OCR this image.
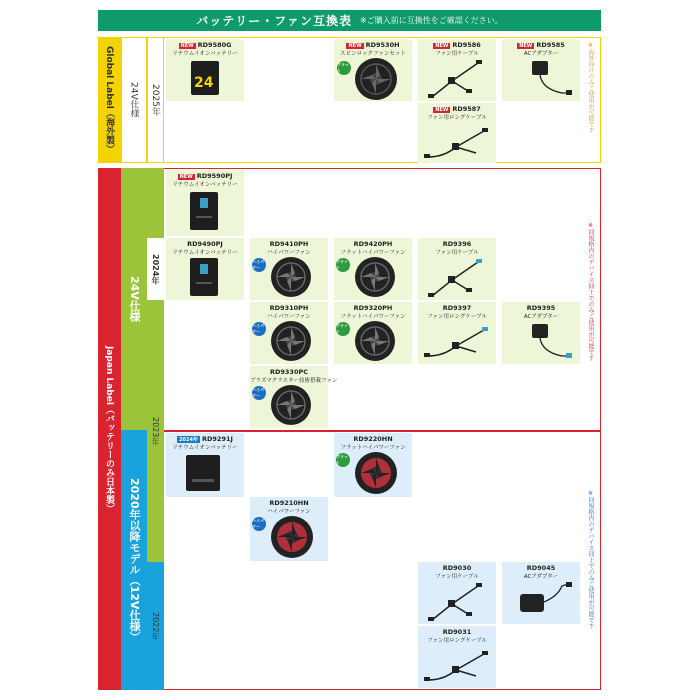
バッテリー・ファン互換表 ※ご購入前に互換性をご確認ください。
Global Label（海外製）	24V仕様	2025年
Japan Label（バッテリーのみ日本製）
24V仕様
2020年以降モデル（12V仕様）
2024年
2023年
2022年
※海外向けのみご使用が可能です
※同規格内のデバイス同士でのみご使用が可能です
※同規格内のデバイス同士でのみご使用が可能です
NEW RD9580G
リチウムイオンバッテリー
24
NEW RD9530H
スピンロックファンセット
フラット
NEW RD9586
ファン用ケーブル
NEW RD9585
ACアダプター
NEW RD9587
ファン用ロングケーブル
NEW RD9590PJ
リチウムイオンバッテリー
RD9490PJ
リチウムイオンバッテリー
RD9410PH
ハイパワーファン
ハイパワー
RD9420PH
フラットハイパワーファン
フラット
RD9396
ファン用ケーブル
RD9310PH
ハイパワーファン
ハイパワー
RD9320PH
フラットハイパワーファン
フラット
RD9397
ファン用ロングケーブル
RD9395
ACアダプター
RD9330PC
ブラズマクラスター技術搭載ファン
ハイパワー
2024年 RD9291J
リチウムイオンバッテリー
RD9220HN
フラットハイパワーファン
フラット
RD9210HN
ハイパワーファン
ハイパワー
RD9030
ファン用ケーブル
RD9045
ACアダプター
RD9031
ファン用ロングケーブル
